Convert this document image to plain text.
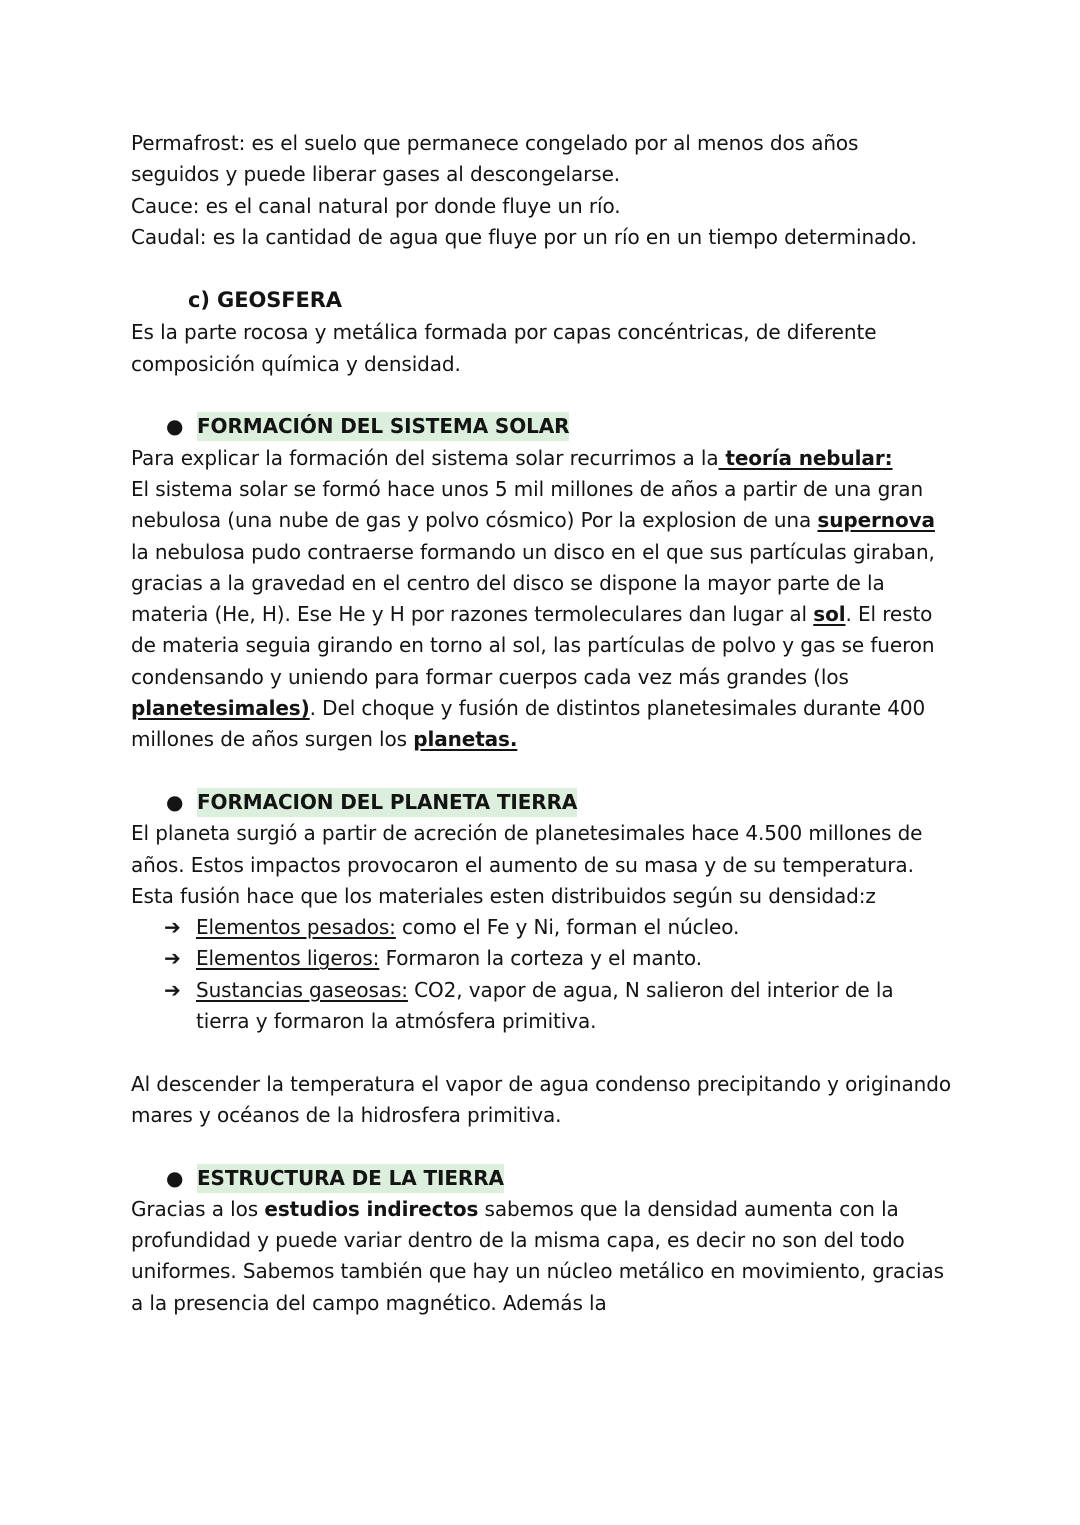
Permafrost: es el suelo que permanece congelado por al menos dos años seguidos y puede liberar gases al descongelarse.

Cauce: es el canal natural por donde fluye un río.

Caudal: es la cantidad de agua que fluye por un río en un tiempo determinado.

c) GEOSFERA

Es la parte rocosa y metálica formada por capas concéntricas, de diferente composición química y densidad.

● FORMACIÓN DEL SISTEMA SOLAR

Para explicar la formación del sistema solar recurrimos a la teoría nebular:

El sistema solar se formó hace unos 5 mil millones de años a partir de una gran nebulosa (una nube de gas y polvo cósmico) Por la explosion de una supernova la nebulosa pudo contraerse formando un disco en el que sus partículas giraban, gracias a la gravedad en el centro del disco se dispone la mayor parte de la materia (He, H). Ese He y H por razones termoleculares dan lugar al sol. El resto de materia seguia girando en torno al sol, las partículas de polvo y gas se fueron condensando y uniendo para formar cuerpos cada vez más grandes (los planetesimales). Del choque y fusión de distintos planetesimales durante 400 millones de años surgen los planetas.

● FORMACION DEL PLANETA TIERRA

El planeta surgió a partir de acreción de planetesimales hace 4.500 millones de años. Estos impactos provocaron el aumento de su masa y de su temperatura. Esta fusión hace que los materiales esten distribuidos según su densidad:z

➔ Elementos pesados: como el Fe y Ni, forman el núcleo.
➔ Elementos ligeros: Formaron la corteza y el manto.
➔ Sustancias gaseosas: CO2, vapor de agua, N salieron del interior de la tierra y formaron la atmósfera primitiva.

Al descender la temperatura el vapor de agua condenso precipitando y originando mares y océanos de la hidrosfera primitiva.

● ESTRUCTURA DE LA TIERRA

Gracias a los estudios indirectos sabemos que la densidad aumenta con la profundidad y puede variar dentro de la misma capa, es decir no son del todo uniformes. Sabemos también que hay un núcleo metálico en movimiento, gracias a la presencia del campo magnético. Además la
